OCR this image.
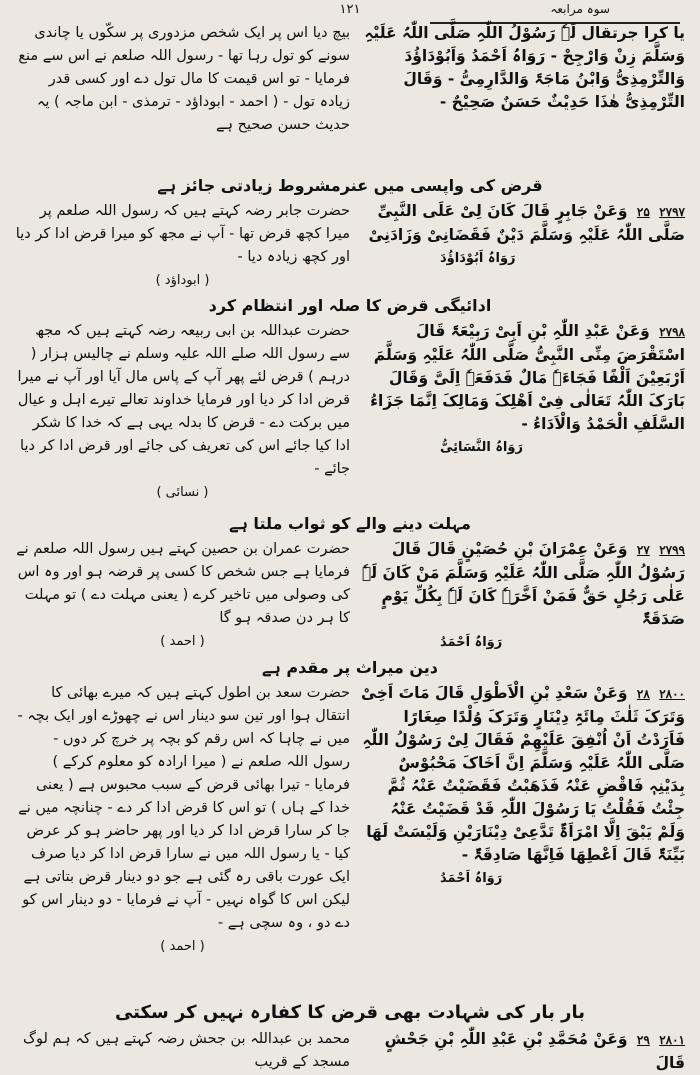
۱۲۱	سوہ مرابعہ
یا کرا جرتقال لَہٗ رَسُوْلُ اللّٰہِ صَلَّی اللّٰہُ عَلَیْہِ وَسَلَّمَ زِنْ وَارْجِحْ - رَوَاہُ اَحْمَدُ وَاَبُوْدَاؤُدَ وَالتِّرْمِذِیُّ وَابْنُ مَاجَۃَ وَالدَّارِمِیُّ - وَقَالَ التِّرْمِذِیُّ ھٰذَا حَدِیْثٌ حَسَنٌ صَحِیْحٌ -
بیچ دیا اس پر ایک شخص مزدوری پر سکّوں یا چاندی سونے کو تول رہا تھا - رسول اللہ صلعم نے اس سے منع فرمایا - تو اس قیمت کا مال تول دے اور کسی قدر زیادہ تول - ( احمد - ابوداؤد - ترمذی - ابن ماجہ ) یہ حدیث حسن صحیح ہے
قرض کی واپسی میں عنرمشروط زیادتی جائز ہے
۲۷۹۷ ۲۵ وَعَنْ جَابِرٍ قَالَ کَانَ لِیْ عَلَی النَّبِیِّ صَلَّی اللّٰہُ عَلَیْہِ وَسَلَّمَ دَیْنٌ فَقَضَانِیْ وَزَادَنِیْ
رَوَاہُ اَبُوْدَاؤُدَ
حضرت جابر رضہ کہتے ہیں کہ رسول اللہ صلعم پر میرا کچھ قرض تھا - آپ نے مجھ کو میرا قرض ادا کر دیا اور کچھ زیادہ دیا -
( ابوداؤد )
ادائیگی قرض کا صلہ اور انتظام کرد
۲۷۹۸ وَعَنْ عَبْدِ اللّٰہِ بْنِ اَبِیْ رَبِیْعَۃَ قَالَ اسْتَقْرَضَ مِنِّی النَّبِیُّ صَلَّی اللّٰہُ عَلَیْہِ وَسَلَّمَ اَرْبَعِیْنَ اَلْفًا فَجَاءَہٗ مَالٌ فَدَفَعَہٗ اِلَیَّ وَقَالَ بَارَکَ اللّٰہُ تَعَالٰی فِیْ اَھْلِکَ وَمَالِکَ اِنَّمَا جَزَاءُ السَّلَفِ الْحَمْدُ وَالْاَدَاءُ -
رَوَاہُ النَّسَائِیُّ
حضرت عبداللہ بن ابی ربیعہ رضہ کہتے ہیں کہ مجھ سے رسول اللہ صلے اللہ علیہ وسلم نے چالیس ہزار ( درہم ) قرض لئے پھر آپ کے پاس مال آیا اور آپ نے میرا قرض ادا کر دیا اور فرمایا خداوند تعالے تیرے اہل و عیال میں برکت دے - قرض کا بدلہ یہی ہے کہ خدا کا شکر ادا کیا جائے اس کی تعریف کی جائے اور قرض ادا کر دیا جائے -
( نسائی )
مہلت دینے والے کو ثواب ملتا ہے
۲۷۹۹ ۲۷ وَعَنْ عِمْرَانَ بْنِ حُصَیْنٍ قَالَ قَالَ رَسُوْلُ اللّٰہِ صَلَّی اللّٰہُ عَلَیْہِ وَسَلَّمَ مَنْ کَانَ لَہٗ عَلٰی رَجُلٍ حَقٌّ فَمَنْ اَخَّرَہٗ کَانَ لَہٗ بِکُلِّ یَوْمٍ صَدَقَۃٌ
رَوَاہُ اَحْمَدُ
حضرت عمران بن حصین کہتے ہیں رسول اللہ صلعم نے فرمایا ہے جس شخص کا کسی پر قرضہ ہو اور وہ اس کی وصولی میں تاخیر کرے ( یعنی مہلت دے ) تو مہلت کا ہر دن صدقہ ہو گا
( احمد )
دین میراث پر مقدم ہے
۲۸۰۰ ۲۸ وَعَنْ سَعْدِ بْنِ الْاَطْوَلِ قَالَ مَاتَ اَخِیْ وَتَرَکَ ثَلٰثَ مِائَۃِ دِیْنَارٍ وَتَرَکَ وُلْدًا صِغَارًا فَاَرَدْتُ اَنْ اُنْفِقَ عَلَیْھِمْ فَقَالَ لِیْ رَسُوْلُ اللّٰہِ صَلَّی اللّٰہُ عَلَیْہِ وَسَلَّمَ اِنَّ اَخَاکَ مَحْبُوْسٌ بِدَیْنِہٖ فَاقْضِ عَنْہُ فَذَھَبْتُ فَقَضَیْتُ عَنْہُ ثُمَّ جِئْتُ فَقُلْتُ یَا رَسُوْلَ اللّٰہِ قَدْ قَضَیْتُ عَنْہُ وَلَمْ یَبْقَ اِلَّا امْرَاَۃٌ تَدَّعِیْ دِیْنَارَیْنِ وَلَیْسَتْ لَھَا بَیِّنَۃٌ قَالَ اَعْطِھَا فَاِنَّھَا صَادِقَۃٌ -
رَوَاہُ اَحْمَدُ
حضرت سعد بن اطول کہتے ہیں کہ میرے بھائی کا انتقال ہوا اور تین سو دینار اس نے چھوڑے اور ایک بچہ - میں نے چاہا کہ اس رقم کو بچہ پر خرچ کر دوں - رسول اللہ صلعم نے ( میرا ارادہ کو معلوم کرکے ) فرمایا - تیرا بھائی قرض کے سبب محبوس ہے ( یعنی خدا کے ہاں ) تو اس کا قرض ادا کر دے - چنانچہ میں نے جا کر سارا قرض ادا کر دیا اور پھر حاضر ہو کر عرض کیا - یا رسول اللہ میں نے سارا قرض ادا کر دیا صرف ایک عورت باقی رہ گئی ہے جو دو دینار قرض بتاتی ہے لیکن اس کا گواہ نہیں - آپ نے فرمایا - دو دینار اس کو دے دو ، وہ سچی ہے -
( احمد )
بار بار کی شہادت بھی قرض کا کفارہ نہیں کر سکتی
۲۸۰۱ ۲۹ وَعَنْ مُحَمَّدِ بْنِ عَبْدِ اللّٰہِ بْنِ جَحْشٍ قَالَ
محمد بن عبداللہ بن جحش رضہ کہتے ہیں کہ ہم لوگ مسجد کے قریب
